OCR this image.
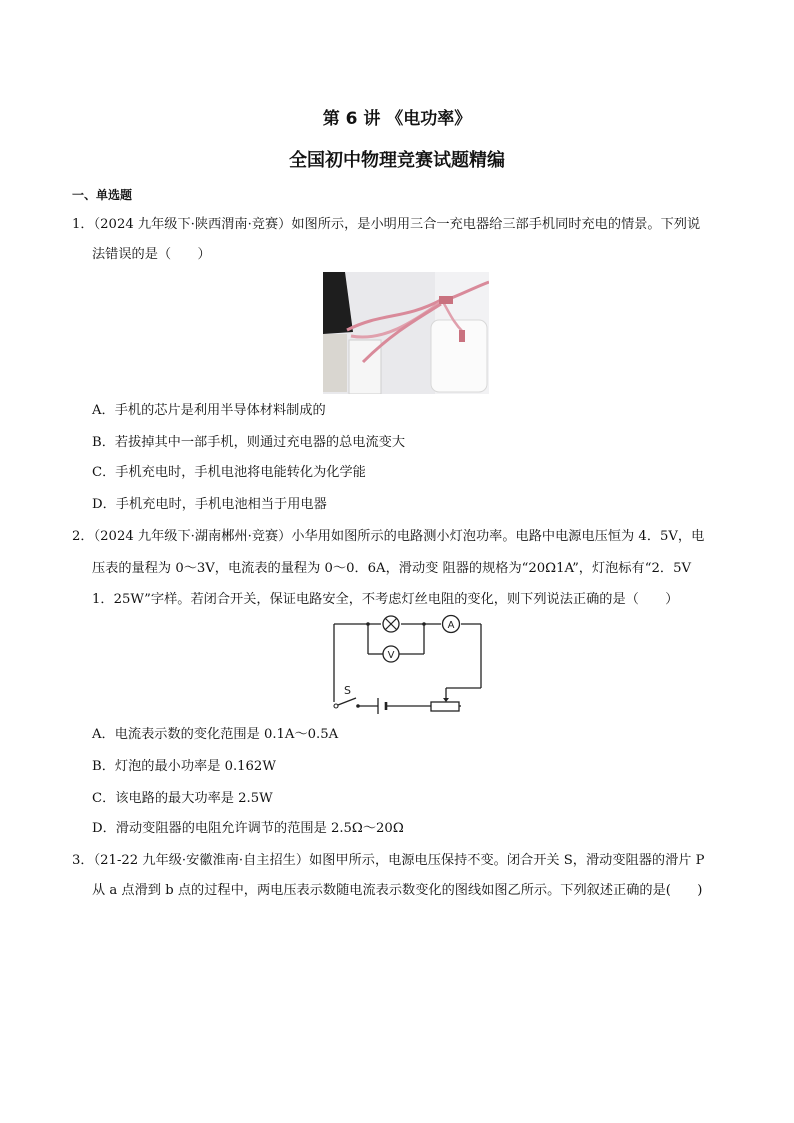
第 6 讲 《电功率》
全国初中物理竞赛试题精编
一、单选题
1．（2024 九年级下·陕西渭南·竞赛）如图所示，是小明用三合一充电器给三部手机同时充电的情景。下列说
法错误的是（　　）
A．手机的芯片是利用半导体材料制成的
B．若拔掉其中一部手机，则通过充电器的总电流变大
C．手机充电时，手机电池将电能转化为化学能
D．手机充电时，手机电池相当于用电器
2．（2024 九年级下·湖南郴州·竞赛）小华用如图所示的电路测小灯泡功率。电路中电源电压恒为 4．5V，电
压表的量程为 0～3V，电流表的量程为 0～0．6A，滑动变 阻器的规格为“20Ω1A”，灯泡标有“2．5V
1．25W”字样。若闭合开关，保证电路安全，不考虑灯丝电阻的变化，则下列说法正确的是（　　）
A
V
S
A．电流表示数的变化范围是 0.1A～0.5A
B．灯泡的最小功率是 0.162W
C．该电路的最大功率是 2.5W
D．滑动变阻器的电阻允许调节的范围是 2.5Ω～20Ω
3．（21-22 九年级·安徽淮南·自主招生）如图甲所示，电源电压保持不变。闭合开关 S，滑动变阻器的滑片 P
从 a 点滑到 b 点的过程中，两电压表示数随电流表示数变化的图线如图乙所示。下列叙述正确的是(　　)
